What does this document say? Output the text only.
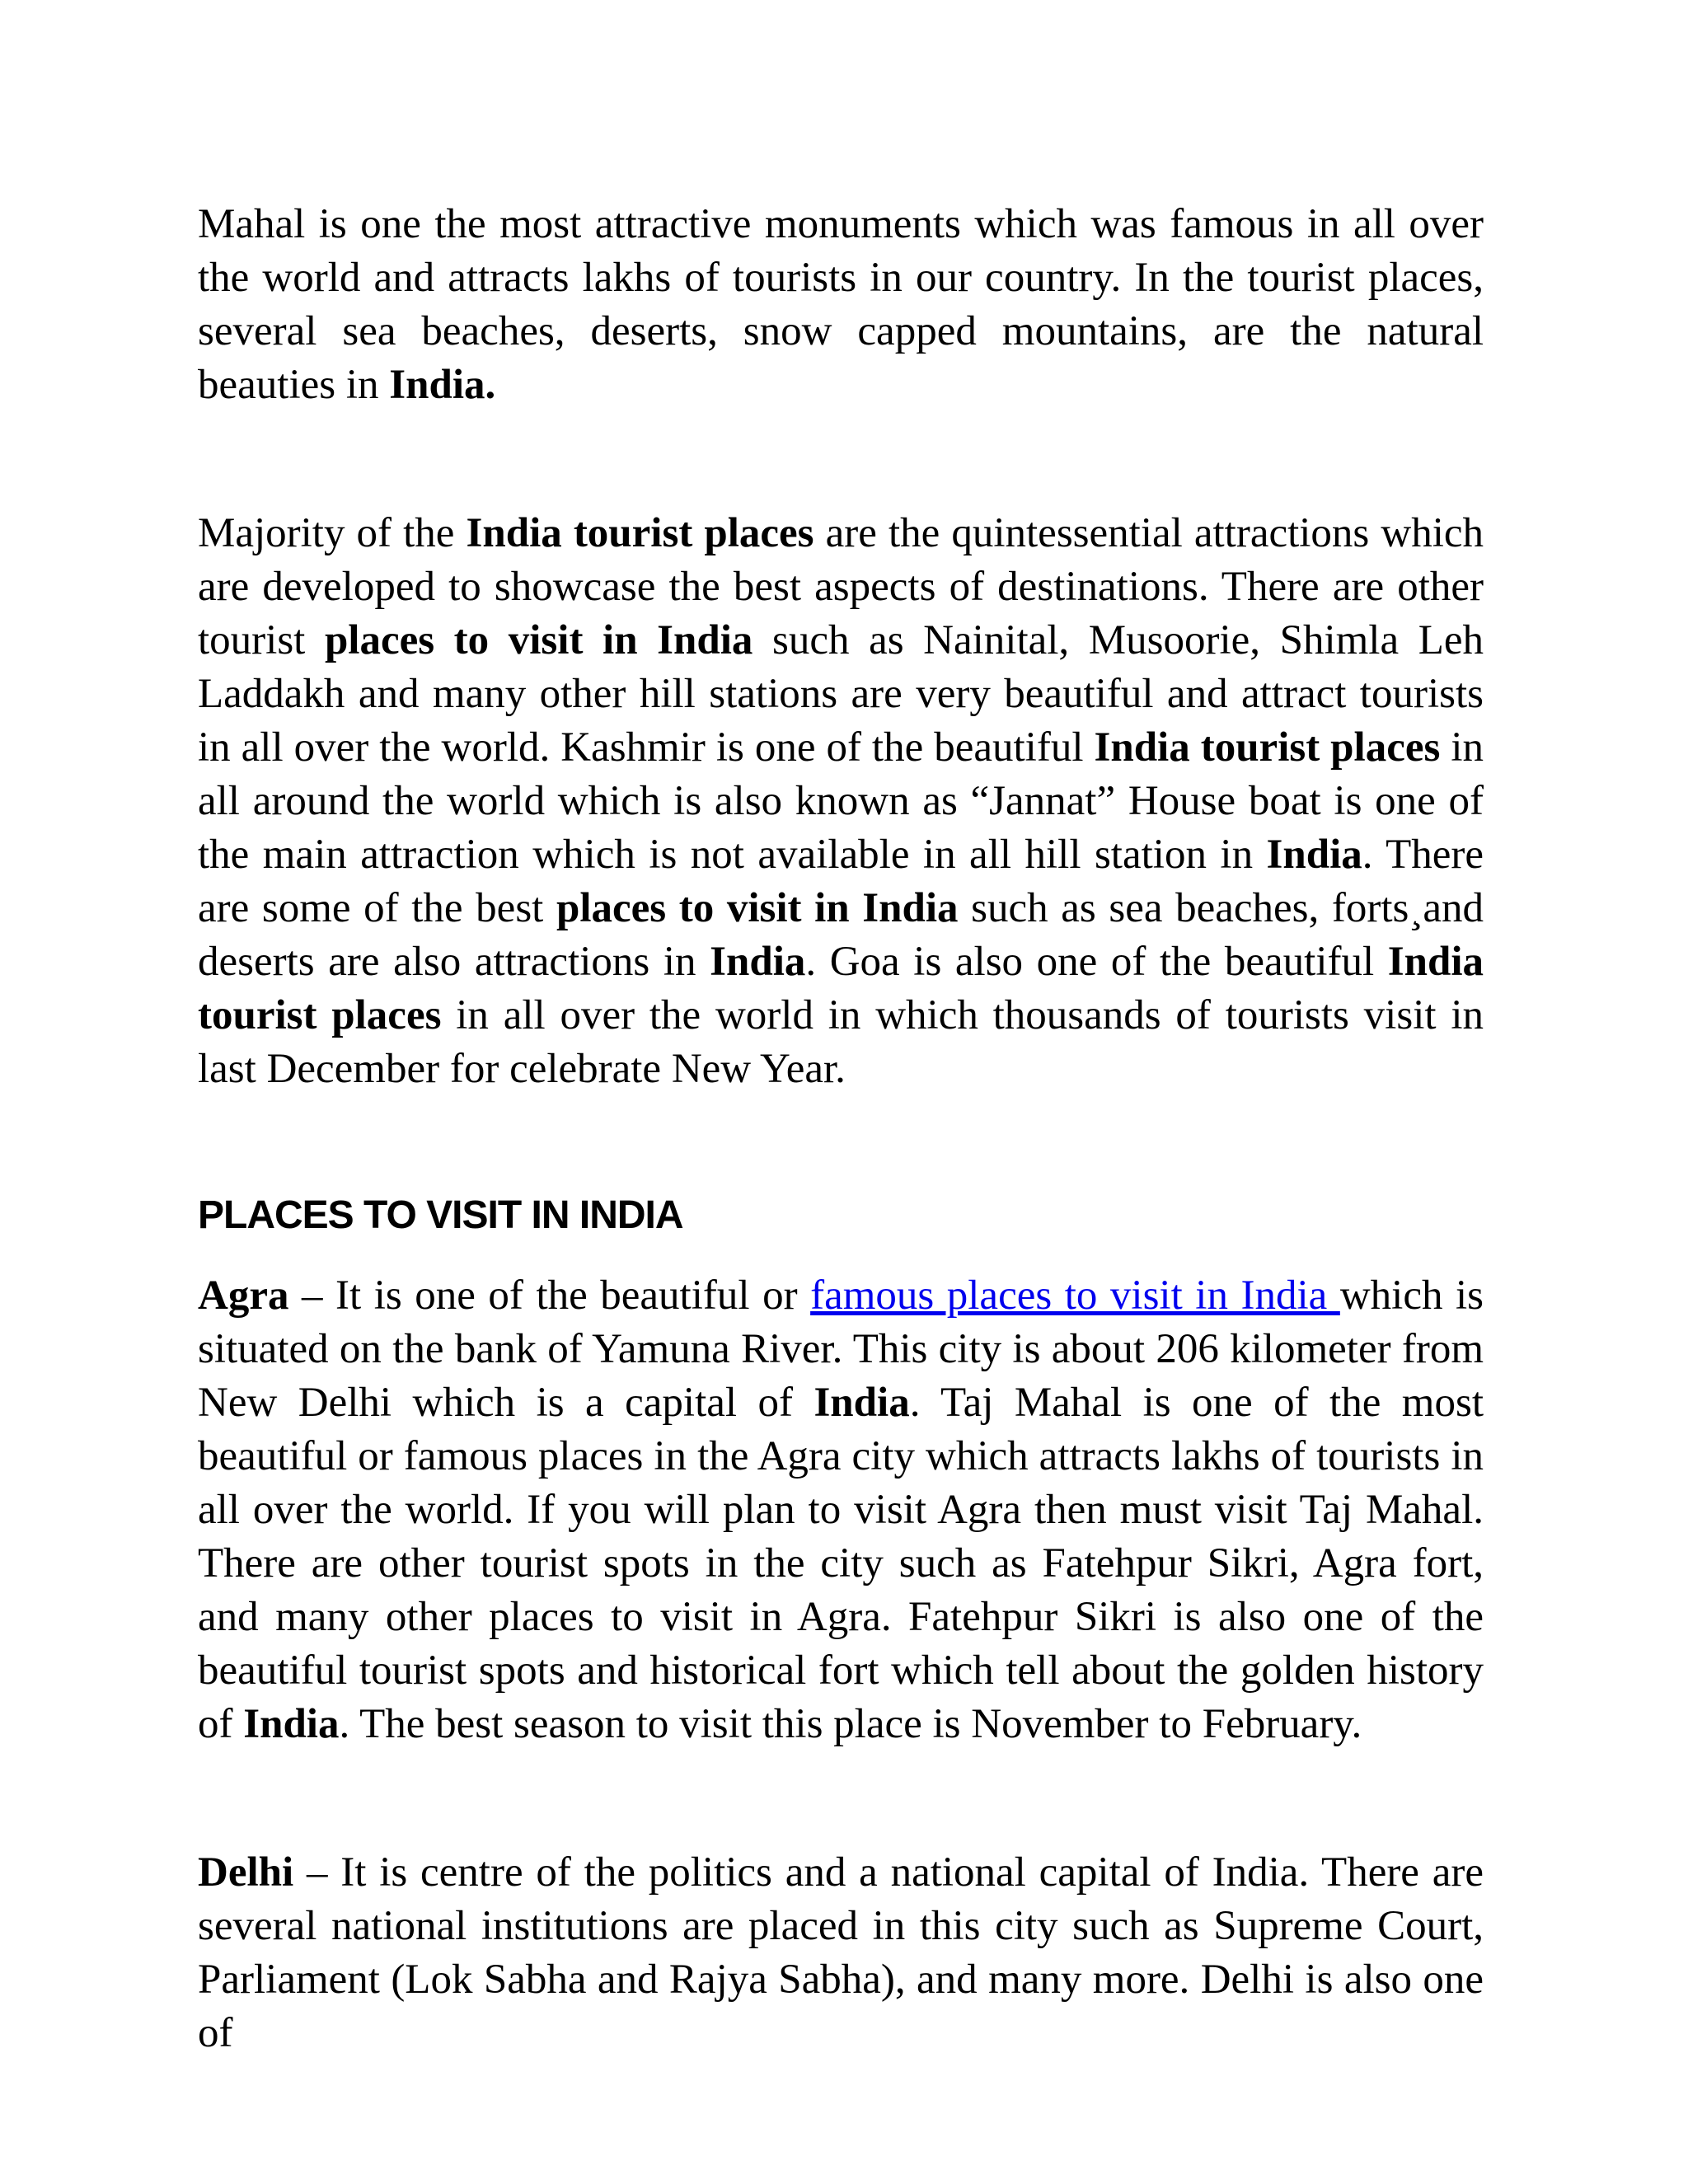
Mahal is one the most attractive monuments which was famous in all over the world and attracts lakhs of tourists in our country. In the tourist places, several sea beaches, deserts, snow capped mountains, are the natural beauties in India.

Majority of the India tourist places are the quintessential attractions which are developed to showcase the best aspects of destinations. There are other tourist places to visit in India such as Nainital, Musoorie, Shimla Leh Laddakh and many other hill stations are very beautiful and attract tourists in all over the world. Kashmir is one of the beautiful India tourist places in all around the world which is also known as “Jannat” House boat is one of the main attraction which is not available in all hill station in India. There are some of the best places to visit in India such as sea beaches, forts¸and deserts are also attractions in India. Goa is also one of the beautiful India tourist places in all over the world in which thousands of tourists visit in last December for celebrate New Year.

PLACES TO VISIT IN INDIA

Agra – It is one of the beautiful or famous places to visit in India which is situated on the bank of Yamuna River. This city is about 206 kilometer from New Delhi which is a capital of India. Taj Mahal is one of the most beautiful or famous places in the Agra city which attracts lakhs of tourists in all over the world. If you will plan to visit Agra then must visit Taj Mahal. There are other tourist spots in the city such as Fatehpur Sikri, Agra fort, and many other places to visit in Agra. Fatehpur Sikri is also one of the beautiful tourist spots and historical fort which tell about the golden history of India. The best season to visit this place is November to February.

Delhi – It is centre of the politics and a national capital of India. There are several national institutions are placed in this city such as Supreme Court, Parliament (Lok Sabha and Rajya Sabha), and many more. Delhi is also one of
